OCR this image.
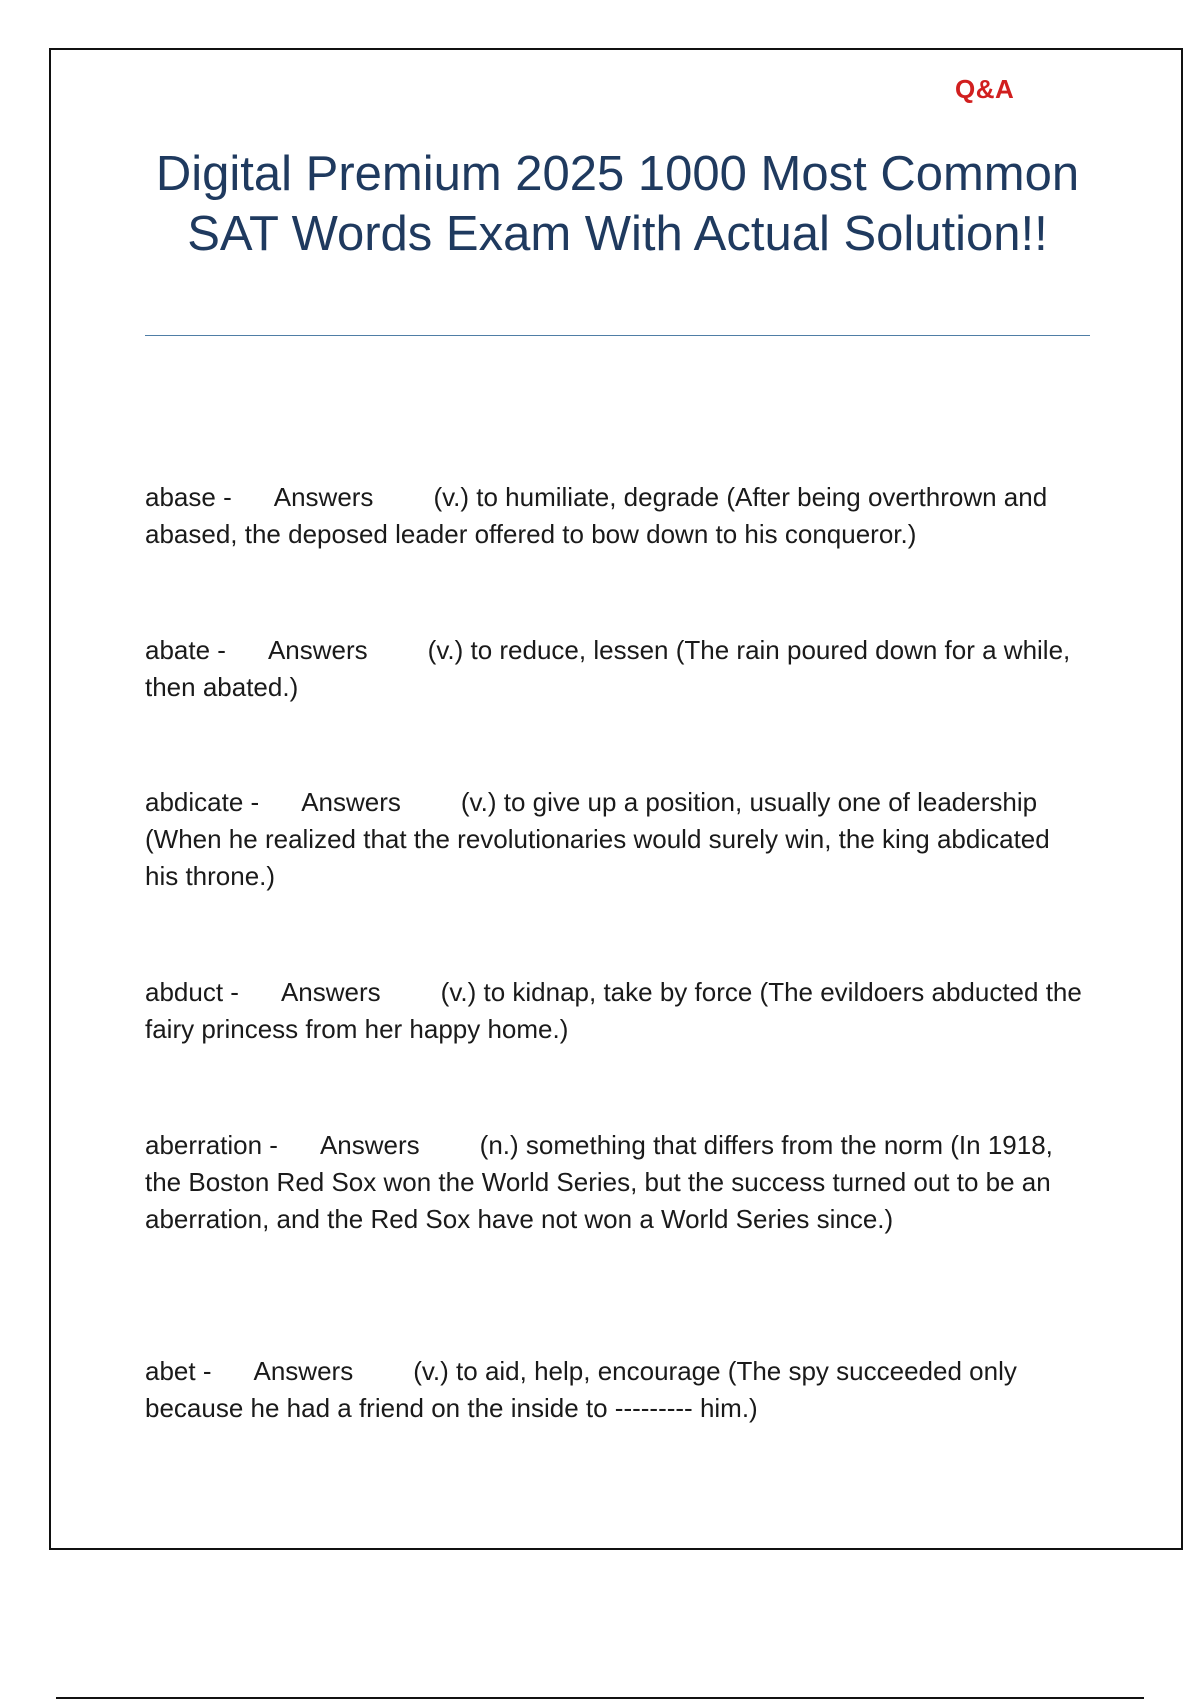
Q&A
Digital Premium 2025 1000 Most Common SAT Words Exam With Actual Solution!!

abase - Answers (v.) to humiliate, degrade (After being overthrown and abased, the deposed leader offered to bow down to his conqueror.)

abate - Answers (v.) to reduce, lessen (The rain poured down for a while, then abated.)

abdicate - Answers (v.) to give up a position, usually one of leadership (When he realized that the revolutionaries would surely win, the king abdicated his throne.)

abduct - Answers (v.) to kidnap, take by force (The evildoers abducted the fairy princess from her happy home.)

aberration - Answers (n.) something that differs from the norm (In 1918, the Boston Red Sox won the World Series, but the success turned out to be an aberration, and the Red Sox have not won a World Series since.)

abet - Answers (v.) to aid, help, encourage (The spy succeeded only because he had a friend on the inside to --------- him.)
